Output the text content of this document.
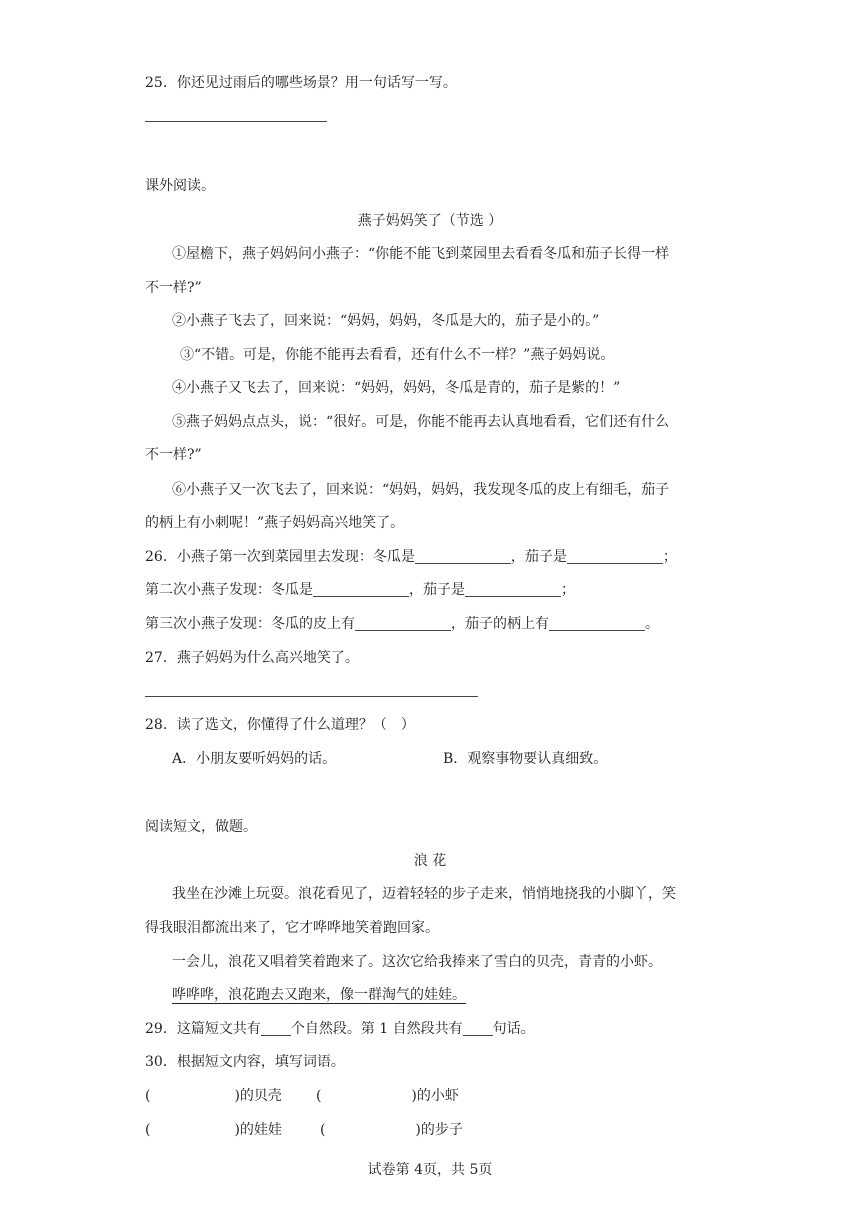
25．你还见过雨后的哪些场景？用一句话写一写。
课外阅读。
燕子妈妈笑了（节选 ）
①屋檐下，燕子妈妈问小燕子：“你能不能飞到菜园里去看看冬瓜和茄子长得一样
不一样?”
②小燕子飞去了，回来说：“妈妈，妈妈，冬瓜是大的，茄子是小的。”
③“不错。可是，你能不能再去看看，还有什么不一样？”燕子妈妈说。
④小燕子又飞去了，回来说：“妈妈，妈妈，冬瓜是青的，茄子是紫的！”
⑤燕子妈妈点点头，说：“很好。可是，你能不能再去认真地看看，它们还有什么
不一样?”
⑥小燕子又一次飞去了，回来说：“妈妈，妈妈，我发现冬瓜的皮上有细毛，茄子
的柄上有小刺呢！”燕子妈妈高兴地笑了。
26．小燕子第一次到菜园里去发现：冬瓜是	，茄子是	；
第二次小燕子发现：冬瓜是	，茄子是	；
第三次小燕子发现：冬瓜的皮上有	，茄子的柄上有	。
27．燕子妈妈为什么高兴地笑了。
28．读了选文，你懂得了什么道理？（　）
A．小朋友要听妈妈的话。	B．观察事物要认真细致。
阅读短文，做题。
浪 花
我坐在沙滩上玩耍。浪花看见了，迈着轻轻的步子走来，悄悄地挠我的小脚丫，笑
得我眼泪都流出来了，它才哗哗地笑着跑回家。
一会儿，浪花又唱着笑着跑来了。这次它给我捧来了雪白的贝壳，青青的小虾。
哗哗哗，浪花跑去又跑来，像一群淘气的娃娃。
29．这篇短文共有 个自然段。第 1 自然段共有 句话。
30．根据短文内容，填写词语。
(	)的贝壳 (	)的小虾
(	)的娃娃	(	)的步子
试卷第 4页，共 5页
